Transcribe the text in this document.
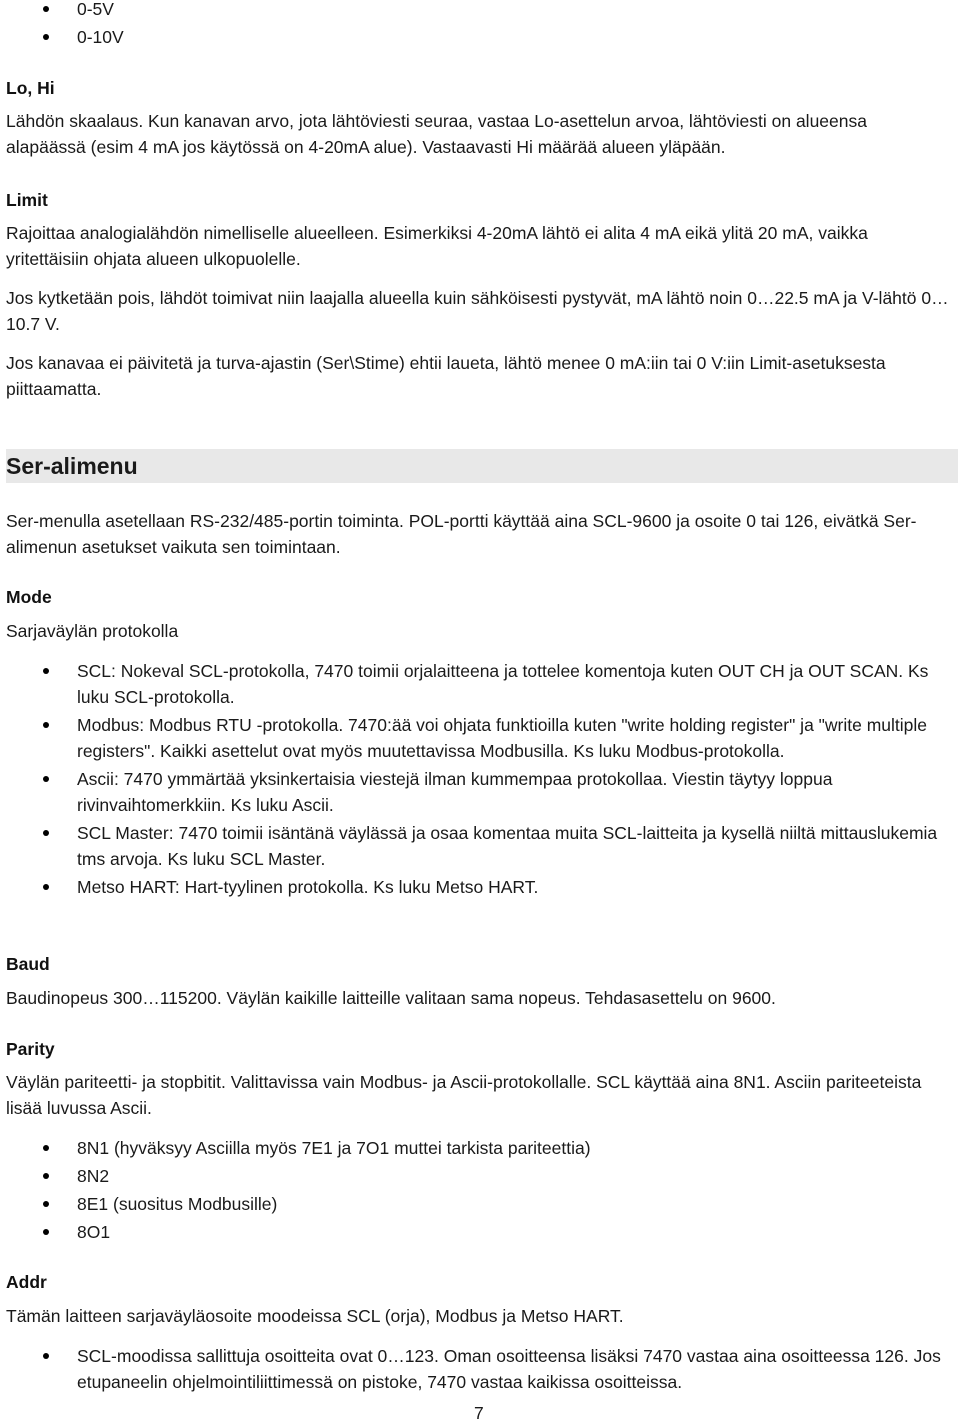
0-5V
0-10V

Lo, Hi

Lähdön skaalaus. Kun kanavan arvo, jota lähtöviesti seuraa, vastaa Lo-asettelun arvoa, lähtöviesti on alueensa alapäässä (esim 4 mA jos käytössä on 4-20mA alue). Vastaavasti Hi määrää alueen yläpään.

Limit

Rajoittaa analogialähdön nimelliselle alueelleen. Esimerkiksi 4-20mA lähtö ei alita 4 mA eikä ylitä 20 mA, vaikka yritettäisiin ohjata alueen ulkopuolelle.

Jos kytketään pois, lähdöt toimivat niin laajalla alueella kuin sähköisesti pystyvät, mA lähtö noin 0…22.5 mA ja V-lähtö 0…10.7 V.

Jos kanavaa ei päivitetä ja turva-ajastin (Ser\Stime) ehtii laueta, lähtö menee 0 mA:iin tai 0 V:iin Limit-asetuksesta piittaamatta.

Ser-alimenu

Ser-menulla asetellaan RS-232/485-portin toiminta. POL-portti käyttää aina SCL-9600 ja osoite 0 tai 126, eivätkä Ser-alimenun asetukset vaikuta sen toimintaan.

Mode

Sarjaväylän protokolla

SCL: Nokeval SCL-protokolla, 7470 toimii orjalaitteena ja tottelee komentoja kuten OUT CH ja OUT SCAN. Ks luku SCL-protokolla.
Modbus: Modbus RTU -protokolla. 7470:ää voi ohjata funktioilla kuten "write holding register" ja "write multiple registers". Kaikki asettelut ovat myös muutettavissa Modbusilla. Ks luku Modbus-protokolla.
Ascii: 7470 ymmärtää yksinkertaisia viestejä ilman kummempaa protokollaa. Viestin täytyy loppua rivinvaihtomerkkiin. Ks luku Ascii.
SCL Master: 7470 toimii isäntänä väylässä ja osaa komentaa muita SCL-laitteita ja kysellä niiltä mittauslukemia tms arvoja. Ks luku SCL Master.
Metso HART: Hart-tyylinen protokolla. Ks luku Metso HART.

Baud

Baudinopeus 300…115200. Väylän kaikille laitteille valitaan sama nopeus. Tehdasasettelu on 9600.

Parity

Väylän pariteetti- ja stopbitit. Valittavissa vain Modbus- ja Ascii-protokollalle. SCL käyttää aina 8N1. Asciin pariteeteista lisää luvussa Ascii.

8N1 (hyväksyy Asciilla myös 7E1 ja 7O1 muttei tarkista pariteettia)
8N2
8E1 (suositus Modbusille)
8O1

Addr

Tämän laitteen sarjaväyläosoite moodeissa SCL (orja), Modbus ja Metso HART.

SCL-moodissa sallittuja osoitteita ovat 0…123. Oman osoitteensa lisäksi 7470 vastaa aina osoitteessa 126. Jos etupaneelin ohjelmointiliittimessä on pistoke, 7470 vastaa kaikissa osoitteissa.
7
